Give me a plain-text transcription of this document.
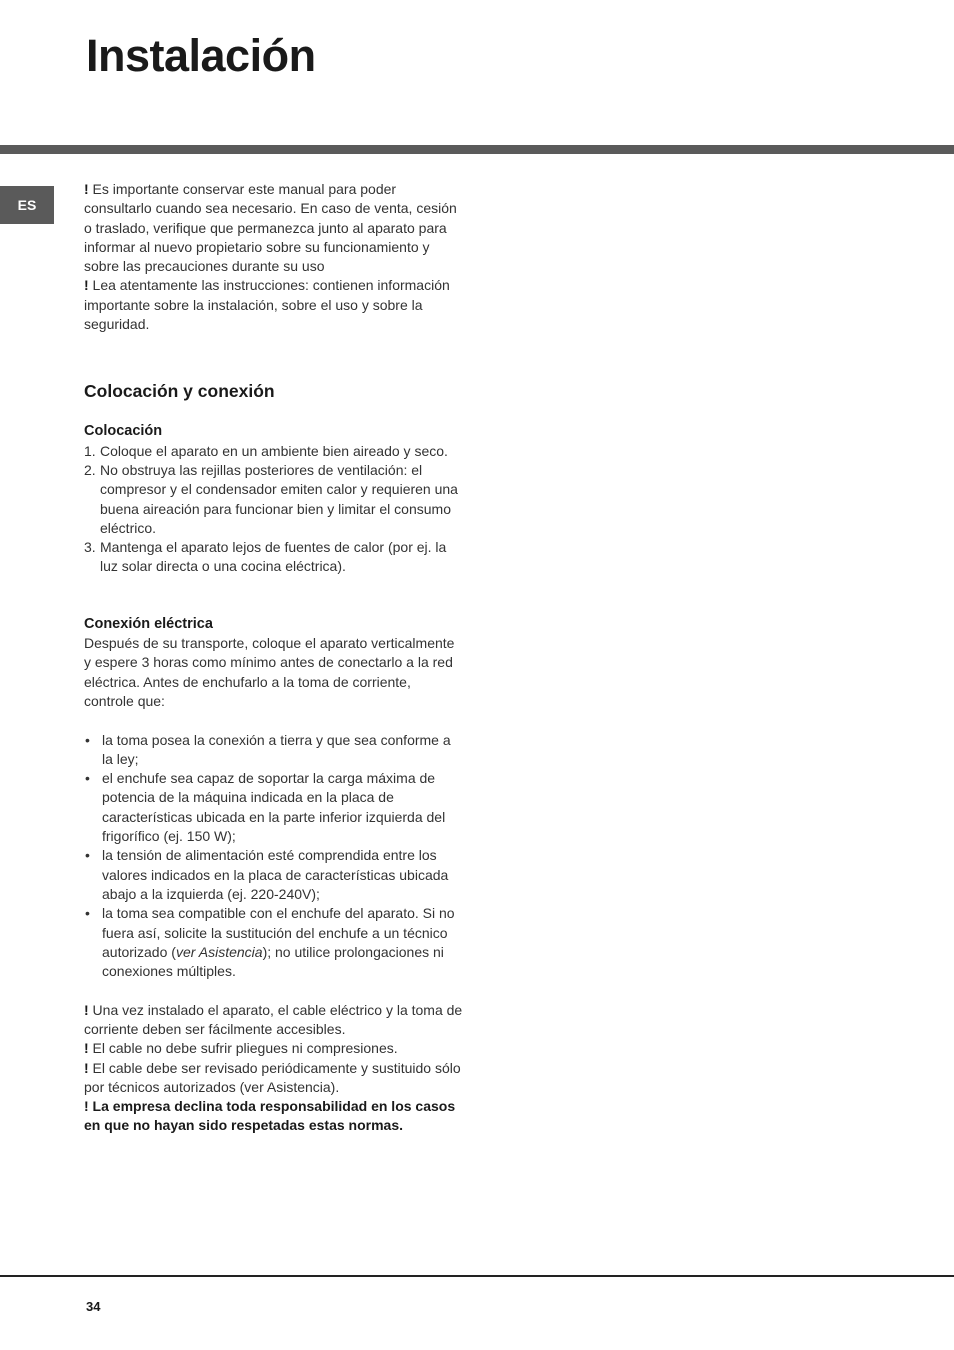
Instalación
ES

! Es importante conservar este manual para poder consultarlo cuando sea necesario. En caso de venta, cesión o traslado, verifique que permanezca junto al aparato para informar al nuevo propietario sobre su funcionamiento y sobre las precauciones durante su uso

! Lea atentamente las instrucciones: contienen información importante sobre la instalación, sobre el uso y sobre la seguridad.

Colocación y conexión
Colocación
1. Coloque el aparato en un ambiente bien aireado y seco.
2. No obstruya las rejillas posteriores de ventilación: el compresor y el condensador emiten calor y requieren una buena aireación para funcionar bien y limitar el consumo eléctrico.
3. Mantenga el aparato lejos de fuentes de calor (por ej. la luz solar directa o una cocina eléctrica).
Conexión eléctrica

Después de su transporte, coloque el aparato verticalmente y espere 3 horas como mínimo antes de conectarlo a la red eléctrica. Antes de enchufarlo a la toma de corriente, controle que:

• la toma posea la conexión a tierra y que sea conforme a la ley;
• el enchufe sea capaz de soportar la carga máxima de potencia de la máquina indicada en la placa de características ubicada en la parte inferior izquierda del frigorífico (ej. 150 W);
• la tensión de alimentación esté comprendida entre los valores indicados en la placa de características ubicada abajo a la izquierda (ej. 220-240V);
• la toma sea compatible con el enchufe del aparato. Si no fuera así, solicite la sustitución del enchufe a un técnico autorizado (ver Asistencia); no utilice prolongaciones ni conexiones múltiples.

! Una vez instalado el aparato, el cable eléctrico y la toma de corriente deben ser fácilmente accesibles.

! El cable no debe sufrir pliegues ni compresiones.

! El cable debe ser revisado periódicamente y sustituido sólo por técnicos autorizados (ver Asistencia).

! La empresa declina toda responsabilidad en los casos en que no hayan sido respetadas estas normas.

34
